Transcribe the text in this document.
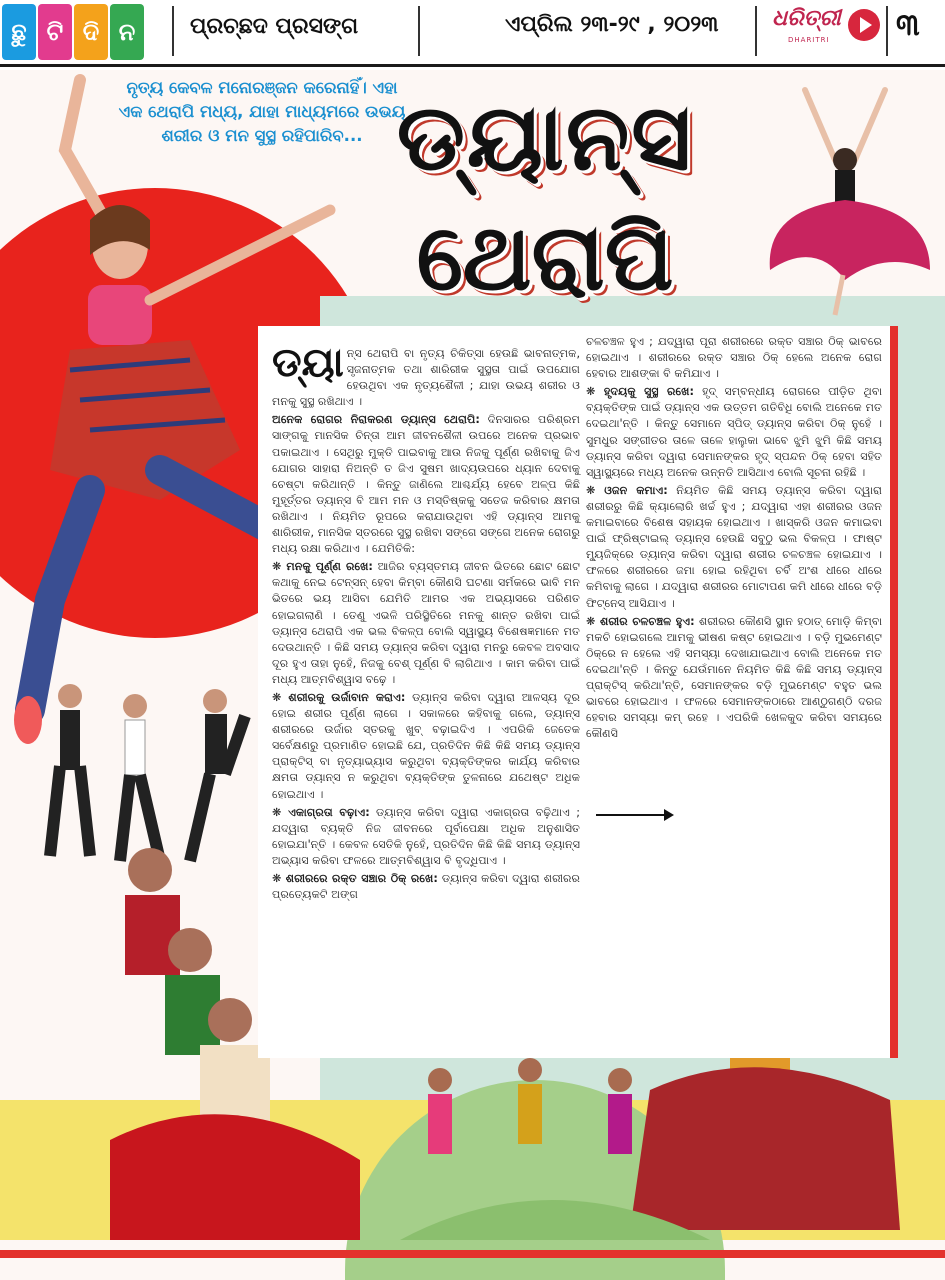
ଛୁ ଟି ଦି ନ	ପ୍ରଚ୍ଛଦ ପ୍ରସଙ୍ଗ	ଏପ୍ରିଲ ୨୩-୨୯ , ୨୦୨୩ ଧରିତ୍ରୀ
DHARITRI ୩
ନୃତ୍ୟ କେବଳ ମନୋରଞ୍ଜନ କରେନାହିଁ। ଏହା ଏକ ଥେରାପି ମଧ୍ୟ, ଯାହା ମାଧ୍ୟମରେ ଉଭୟ ଶରୀର ଓ ମନ ସୁସ୍ଥ ରହିପାରିବ... ଡ୍ୟାନ୍ସ
ଥେରାପି

ଡ୍ୟା ନ୍ସ ଥେରାପି ବା ନୃତ୍ୟ ଚିକିତ୍ସା ହେଉଛି ଭାବନାତ୍ମକ, ସୃଜନାତ୍ମକ ତଥା ଶାରିରୀକ ସୁସ୍ଥତା ପାଇଁ ଉପଯୋଗ ହେଉଥିବା ଏକ ନୃତ୍ୟଶୈଳୀ ; ଯାହା ଉଭୟ ଶରୀର ଓ ମନକୁ ସୁସ୍ଥ ରଖିଥାଏ ।

ଅନେକ ରୋଗର ନିରାକରଣ ଡ୍ୟାନ୍ସ ଥେରାପି: ଦିନସାରର ପରିଶ୍ରମ ସାଙ୍ଗକୁ ମାନସିକ ଚିନ୍ତା ଆମ ଜୀବନଶୈଳୀ ଉପରେ ଅନେକ ପ୍ରଭାବ ପକାଇଥାଏ । ସେଥିରୁ ମୁକ୍ତି ପାଇବାକୁ ଆଉ ନିଜକୁ ପୂର୍ଣ୍ଣ ରଖିବାକୁ ଜିଏ ଯୋଗର ସାହାରା ନିଅନ୍ତି ତ ଜିଏ ସୁଷମ ଖାଦ୍ୟଉପରେ ଧ୍ୟାନ ଦେବାକୁ ଚେଷ୍ଟା କରିଥାନ୍ତି । କିନ୍ତୁ ଜାଣିଲେ ଆଶ୍ଚର୍ଯ୍ୟ ହେବେ ଅଳ୍ପ କିଛି ମୁହୂର୍ତ୍ତର ଡ୍ୟାନ୍ସ ବି ଆମ ମନ ଓ ମସ୍ତିଷ୍କକୁ ସତେଜ କରିବାର କ୍ଷମତା ରଖିଥାଏ । ନିୟମିତ ରୂପରେ କରାଯାଉଥିବା ଏହି ଡ୍ୟାନ୍ସ ଆମକୁ ଶାରିରୀକ, ମାନସିକ ସ୍ତରରେ ସୁସ୍ଥ ରଖିବା ସଙ୍ଗେ ସଙ୍ଗେ ଅନେକ ରୋଗରୁ ମଧ୍ୟ ରକ୍ଷା କରିଥାଏ । ଯେମିତିକି:

❋ ମନକୁ ପୂର୍ଣ୍ଣ ରଖେ: ଆଜିର ବ୍ୟସ୍ତମୟ ଜୀବନ ଭିତରେ ଛୋଟ ଛୋଟ କଥାକୁ ନେଇ ଟେନ୍‌ସନ୍ ହେବା କିମ୍ବା କୌଣସି ଘଟଣା ସର୍ମକରେ ଭାବି ମନ ଭିତରେ ଭୟ ଆସିବା ଯେମିତି ଆମର ଏକ ଅଭ୍ୟାସରେ ପରିଣତ ହୋଇଗଲାଣି । ତେଣୁ ଏଭଳି ପରିସ୍ଥିତିରେ ମନକୁ ଶାନ୍ତ ରଖିବା ପାଇଁ ଡ୍ୟାନ୍ସ ଥେରାପି ଏକ ଭଲ ବିକଳ୍ପ ବୋଲି ସ୍ୱାସ୍ଥ୍ୟ ବିଶେଷଜ୍ଞମାନେ ମତ ଦେଉଥାନ୍ତି । କିଛି ସମୟ ଡ୍ୟାନ୍ସ କରିବା ଦ୍ୱାରା ମନରୁ କେବଳ ଅବସାଦ ଦୂର ହୁଏ ତାହା ନୁହେଁ, ନିଜକୁ ବେଶ୍ ପୂର୍ଣ୍ଣ ବି ଲାଗିଥାଏ । କାମ କରିବା ପାଇଁ ମଧ୍ୟ ଆତ୍ମବିଶ୍ୱାସ ବଢ଼େ ।

❋ ଶରୀରକୁ ଉର୍ଜାବାନ କରାଏ: ଡ୍ୟାନ୍ସ କରିବା ଦ୍ୱାରା ଆଳସ୍ୟ ଦୂର ହୋଇ ଶରୀର ପୂର୍ଣ୍ଣ ଲାଗେ । ସକାଳରେ କହିବାକୁ ଗଲେ, ଡ୍ୟାନ୍ସ ଶରୀରରେ ଉର୍ଜାର ସ୍ତରକୁ ଖୁବ୍ ବଢ଼ାଇଦିଏ । ଏପରିକି ଜେତେକ ସର୍ବେକ୍ଷଣରୁ ପ୍ରମାଣିତ ହୋଇଛି ଯେ, ପ୍ରତିଦିନ କିଛି କିଛି ସମୟ ଡ୍ୟାନ୍ସ ପ୍ରାକ୍ଟିସ୍ ବା ନୃତ୍ୟାଭ୍ୟାସ କରୁଥିବା ବ୍ୟକ୍ତିଙ୍କର କାର୍ଯ୍ୟ କରିବାର କ୍ଷମତା ଡ୍ୟାନ୍ସ ନ କରୁଥିବା ବ୍ୟକ୍ତିଙ୍କ ତୁଳନାରେ ଯଥେଷ୍ଟ ଅଧିକ ହୋଇଥାଏ ।

❋ ଏକାଗ୍ରତା ବଢ଼ାଏ: ଡ୍ୟାନ୍ସ କରିବା ଦ୍ୱାରା ଏକାଗ୍ରତା ବଢ଼ିଥାଏ ; ଯଦ୍ୱାରା ବ୍ୟକ୍ତି ନିଜ ଜୀବନରେ ପୂର୍ବାପେକ୍ଷା ଅଧିକ ଅନୁଶାସିତ ହୋଇଯା'ନ୍ତି । କେବଳ ସେତିକି ନୁହେଁ, ପ୍ରତିଦିନ କିଛି କିଛି ସମୟ ଡ୍ୟାନ୍ସ ଅଭ୍ୟାସ କରିବା ଫଳରେ ଆତ୍ମବିଶ୍ୱାସ ବି ବୃଦ୍ଧିପାଏ ।

❋ ଶରୀରରେ ରକ୍ତ ସଞ୍ଚାର ଠିକ୍ ରଖେ: ଡ୍ୟାନ୍ସ କରିବା ଦ୍ୱାରା ଶରୀରର ପ୍ରତ୍ୟେକଟି ଅଙ୍ଗ

ଚଳଚଞ୍ଚଳ ହୁଏ ; ଯଦ୍ୱାରା ପୂରା ଶରୀରରେ ରକ୍ତ ସଞ୍ଚାର ଠିକ୍ ଭାବରେ ହୋଇଥାଏ । ଶରୀରରେ ରକ୍ତ ସଞ୍ଚାର ଠିକ୍ ହେଲେ ଅନେକ ରୋଗ ହେବାର ଆଶଙ୍କା ବି କମିଯାଏ ।

❋ ହୃଦୟକୁ ସୁସ୍ଥ ରଖେ: ହୃଦ୍‌ ସମ୍ବନ୍ଧୀୟ ରୋଗରେ ପୀଡ଼ିତ ଥିବା ବ୍ୟକ୍ତିଙ୍କ ପାଇଁ ଡ୍ୟାନ୍ସ ଏକ ଉତ୍ତମ ଗତିବିଧି ବୋଲି ଅନେକେ ମତ ଦେଇଥା'ନ୍ତି । କିନ୍ତୁ ସେମାନେ ସ୍ପିଡ୍ ଡ୍ୟାନ୍ସ କରିବା ଠିକ୍ ନୁହେଁ । ସୁମଧୁର ସଙ୍ଗୀତର ତାଳେ ତାଳେ ହାଲୁକା ଭାବେ ଝୁମି ଝୁମି କିଛି ସମୟ ଡ୍ୟାନ୍ସ କରିବା ଦ୍ୱାରା ସେମାନଙ୍କର ହୃଦ୍ ସ୍ପନ୍ଦନ ଠିକ୍ ହେବା ସହିତ ସ୍ୱାସ୍ଥ୍ୟରେ ମଧ୍ୟ ଅନେକ ଉନ୍ନତି ଆସିଥାଏ ବୋଲି ସୂଚନା ରହିଛି ।

❋ ଓଜନ କମାଏ: ନିୟମିତ କିଛି ସମୟ ଡ୍ୟାନ୍ସ କରିବା ଦ୍ୱାରା ଶରୀରରୁ କିଛି କ୍ୟାଲୋରି ଖର୍ଚ୍ଚ ହୁଏ ; ଯଦ୍ୱାରା ଏହା ଶରୀରର ଓଜନ କମାଇବାରେ ବିଶେଷ ସହାୟକ ହୋଇଥାଏ । ଖାସ୍‌କରି ଓଜନ କମାଇବା ପାଇଁ ଫ୍ରିଷ୍ଟାଇଲ୍ ଡ୍ୟାନ୍ସ ହେଉଛି ସବୁଠୁ ଭଲ ବିକଳ୍ପ । ଫାଷ୍ଟ ମ୍ୟୁଜିକ୍‌ରେ ଡ୍ୟାନ୍ସ କରିବା ଦ୍ୱାରା ଶରୀର ଚଳଚଞ୍ଚଳ ହୋଇଯାଏ । ଫଳରେ ଶରୀରରେ ଜମା ହୋଇ ରହିଥିବା ଚର୍ବି ଅଂଶ ଧୀରେ ଧୀରେ କମିବାକୁ ଲାଗେ । ଯଦ୍ୱାରା ଶରୀରର ମୋଟାପଣ କମି ଧୀରେ ଧୀରେ ବଡ଼ି ଫିଟ୍‌ନେସ୍ ଆସିଯାଏ ।

❋ ଶରୀର ଚଳଚଞ୍ଚଳ ହୁଏ: ଶରୀରର କୌଣସି ସ୍ଥାନ ହଠାତ୍ ମୋଡ଼ି କିମ୍ବା ମକଚି ହୋଇଗଲେ ଆମକୁ ଭୀଷଣ କଷ୍ଟ ହୋଇଥାଏ । ବଡ଼ି ମୁଭମେଣ୍ଟ ଠିକ୍‌ରେ ନ ହେଲେ ଏହି ସମସ୍ୟା ଦେଖାଯାଇଥାଏ ବୋଲି ଅନେକେ ମତ ଦେଇଥା'ନ୍ତି । କିନ୍ତୁ ଯେଉଁମାନେ ନିୟମିତ କିଛି କିଛି ସମୟ ଡ୍ୟାନ୍ସ ପ୍ରାକ୍ଟିସ୍ କରିଥା'ନ୍ତି, ସେମାନଙ୍କର ବଡ଼ି ମୁଭମେଣ୍ଟ ବହୁତ ଭଲ ଭାବରେ ହୋଇଥାଏ । ଫଳରେ ସେମାନଙ୍କଠାରେ ଆଣ୍ଠୁଗଣ୍ଠି ଦରଜ ହେବାର ସମସ୍ୟା କମ୍ ରହେ । ଏପରିକି ଖେଳକୁଦ କରିବା ସମୟରେ କୌଣସି
